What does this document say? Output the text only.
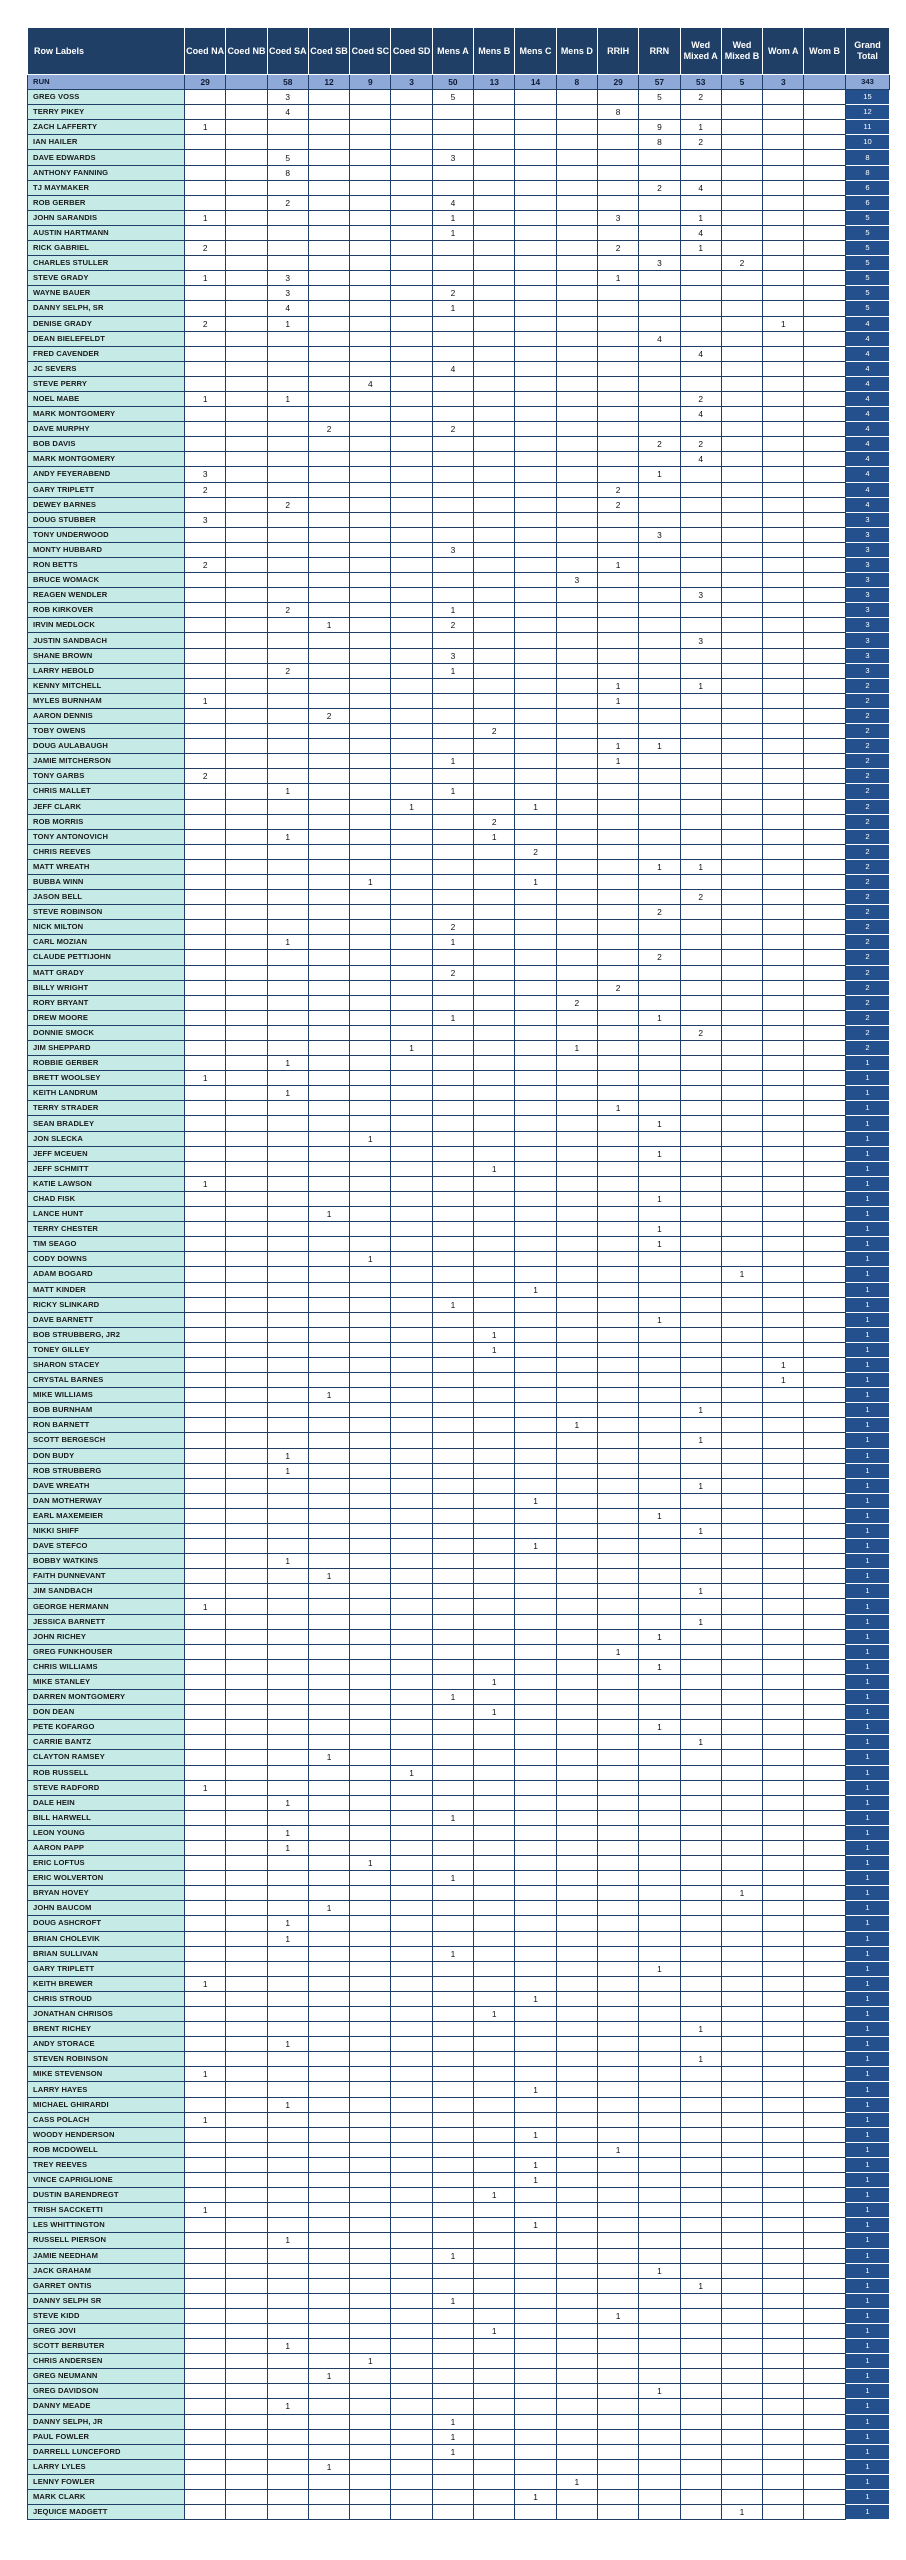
Row Labels	Coed NA	Coed NB	Coed SA	Coed SB	Coed SC	Coed SD	Mens A	Mens B	Mens C	Mens D	RRIH	RRN	Wed Mixed A	Wed Mixed B	Wom A	Wom B	Grand Total
RUN	29		58	12	9	3	50	13	14	8	29	57	53	5	3		343
GREG VOSS			3				5					5	2				15
TERRY PIKEY			4								8						12
ZACH LAFFERTY	1											9	1				11
IAN HAILER												8	2				10
DAVE EDWARDS			5				3										8
ANTHONY FANNING			8														8
TJ MAYMAKER												2	4				6
ROB GERBER			2				4										6
JOHN SARANDIS	1						1				3		1				5
AUSTIN HARTMANN							1						4				5
RICK GABRIEL	2										2		1				5
CHARLES STULLER												3		2			5
STEVE GRADY	1		3								1						5
WAYNE BAUER			3				2										5
DANNY SELPH, SR			4				1										5
DENISE GRADY	2		1												1		4
DEAN BIELEFELDT												4					4
FRED CAVENDER													4				4
JC SEVERS							4										4
STEVE PERRY					4												4
NOEL MABE	1		1										2				4
MARK MONTGOMERY													4				4
DAVE MURPHY				2			2										4
BOB DAVIS												2	2				4
MARK MONTGOMERY													4				4
ANDY FEYERABEND	3											1					4
GARY TRIPLETT	2										2						4
DEWEY BARNES			2								2						4
DOUG STUBBER	3																3
TONY UNDERWOOD												3					3
MONTY HUBBARD							3										3
RON BETTS	2										1						3
BRUCE WOMACK										3							3
REAGEN WENDLER													3				3
ROB KIRKOVER			2				1										3
IRVIN MEDLOCK				1			2										3
JUSTIN SANDBACH													3				3
SHANE BROWN							3										3
LARRY HEBOLD			2				1										3
KENNY MITCHELL											1		1				2
MYLES BURNHAM	1										1						2
AARON DENNIS				2													2
TOBY OWENS								2									2
DOUG AULABAUGH											1	1					2
JAMIE MITCHERSON							1				1						2
TONY GARBS	2																2
CHRIS MALLET			1				1										2
JEFF CLARK						1			1								2
ROB MORRIS								2									2
TONY ANTONOVICH			1					1									2
CHRIS REEVES									2								2
MATT WREATH												1	1				2
BUBBA WINN					1				1								2
JASON BELL													2				2
STEVE ROBINSON												2					2
NICK MILTON							2										2
CARL MOZIAN			1				1										2
CLAUDE PETTIJOHN												2					2
MATT GRADY							2										2
BILLY WRIGHT											2						2
RORY BRYANT										2							2
DREW MOORE							1					1					2
DONNIE SMOCK													2				2
JIM SHEPPARD						1				1							2
ROBBIE GERBER			1														1
BRETT WOOLSEY	1																1
KEITH LANDRUM			1														1
TERRY STRADER											1						1
SEAN BRADLEY												1					1
JON SLECKA					1												1
JEFF MCEUEN												1					1
JEFF SCHMITT								1									1
KATIE LAWSON	1																1
CHAD FISK												1					1
LANCE HUNT				1													1
TERRY CHESTER												1					1
TIM SEAGO												1					1
CODY DOWNS					1												1
ADAM BOGARD														1			1
MATT KINDER									1								1
RICKY SLINKARD							1										1
DAVE BARNETT												1					1
BOB STRUBBERG, JR2								1									1
TONEY GILLEY								1									1
SHARON STACEY															1		1
CRYSTAL BARNES															1		1
MIKE WILLIAMS				1													1
BOB BURNHAM													1				1
RON BARNETT										1							1
SCOTT BERGESCH													1				1
DON BUDY			1														1
ROB STRUBBERG			1														1
DAVE WREATH													1				1
DAN MOTHERWAY									1								1
EARL MAXEMEIER												1					1
NIKKI SHIFF													1				1
DAVE STEFCO									1								1
BOBBY WATKINS			1														1
FAITH DUNNEVANT				1													1
JIM SANDBACH													1				1
GEORGE HERMANN	1																1
JESSICA BARNETT													1				1
JOHN RICHEY												1					1
GREG FUNKHOUSER											1						1
CHRIS WILLIAMS												1					1
MIKE STANLEY								1									1
DARREN MONTGOMERY							1										1
DON DEAN								1									1
PETE KOFARGO												1					1
CARRIE BANTZ													1				1
CLAYTON RAMSEY				1													1
ROB RUSSELL						1											1
STEVE RADFORD	1																1
DALE HEIN			1														1
BILL HARWELL							1										1
LEON YOUNG			1														1
AARON PAPP			1														1
ERIC LOFTUS					1												1
ERIC WOLVERTON							1										1
BRYAN HOVEY														1			1
JOHN BAUCOM				1													1
DOUG ASHCROFT			1														1
BRIAN CHOLEVIK			1														1
BRIAN SULLIVAN							1										1
GARY TRIPLETT												1					1
KEITH BREWER	1																1
CHRIS STROUD									1								1
JONATHAN CHRISOS								1									1
BRENT RICHEY													1				1
ANDY STORACE			1														1
STEVEN ROBINSON													1				1
MIKE STEVENSON	1																1
LARRY HAYES									1								1
MICHAEL GHIRARDI			1														1
CASS POLACH	1																1
WOODY HENDERSON									1								1
ROB MCDOWELL											1						1
TREY REEVES									1								1
VINCE CAPRIGLIONE									1								1
DUSTIN BARENDREGT								1									1
TRISH SACCKETTI	1																1
LES WHITTINGTON									1								1
RUSSELL PIERSON			1														1
JAMIE NEEDHAM							1										1
JACK GRAHAM												1					1
GARRET ONTIS													1				1
DANNY SELPH SR							1										1
STEVE KIDD											1						1
GREG JOVI								1									1
SCOTT BERBUTER			1														1
CHRIS ANDERSEN					1												1
GREG NEUMANN				1													1
GREG DAVIDSON												1					1
DANNY MEADE			1														1
DANNY SELPH, JR							1										1
PAUL FOWLER							1										1
DARRELL LUNCEFORD							1										1
LARRY LYLES				1													1
LENNY FOWLER										1							1
MARK CLARK									1								1
JEQUICE MADGETT														1			1
